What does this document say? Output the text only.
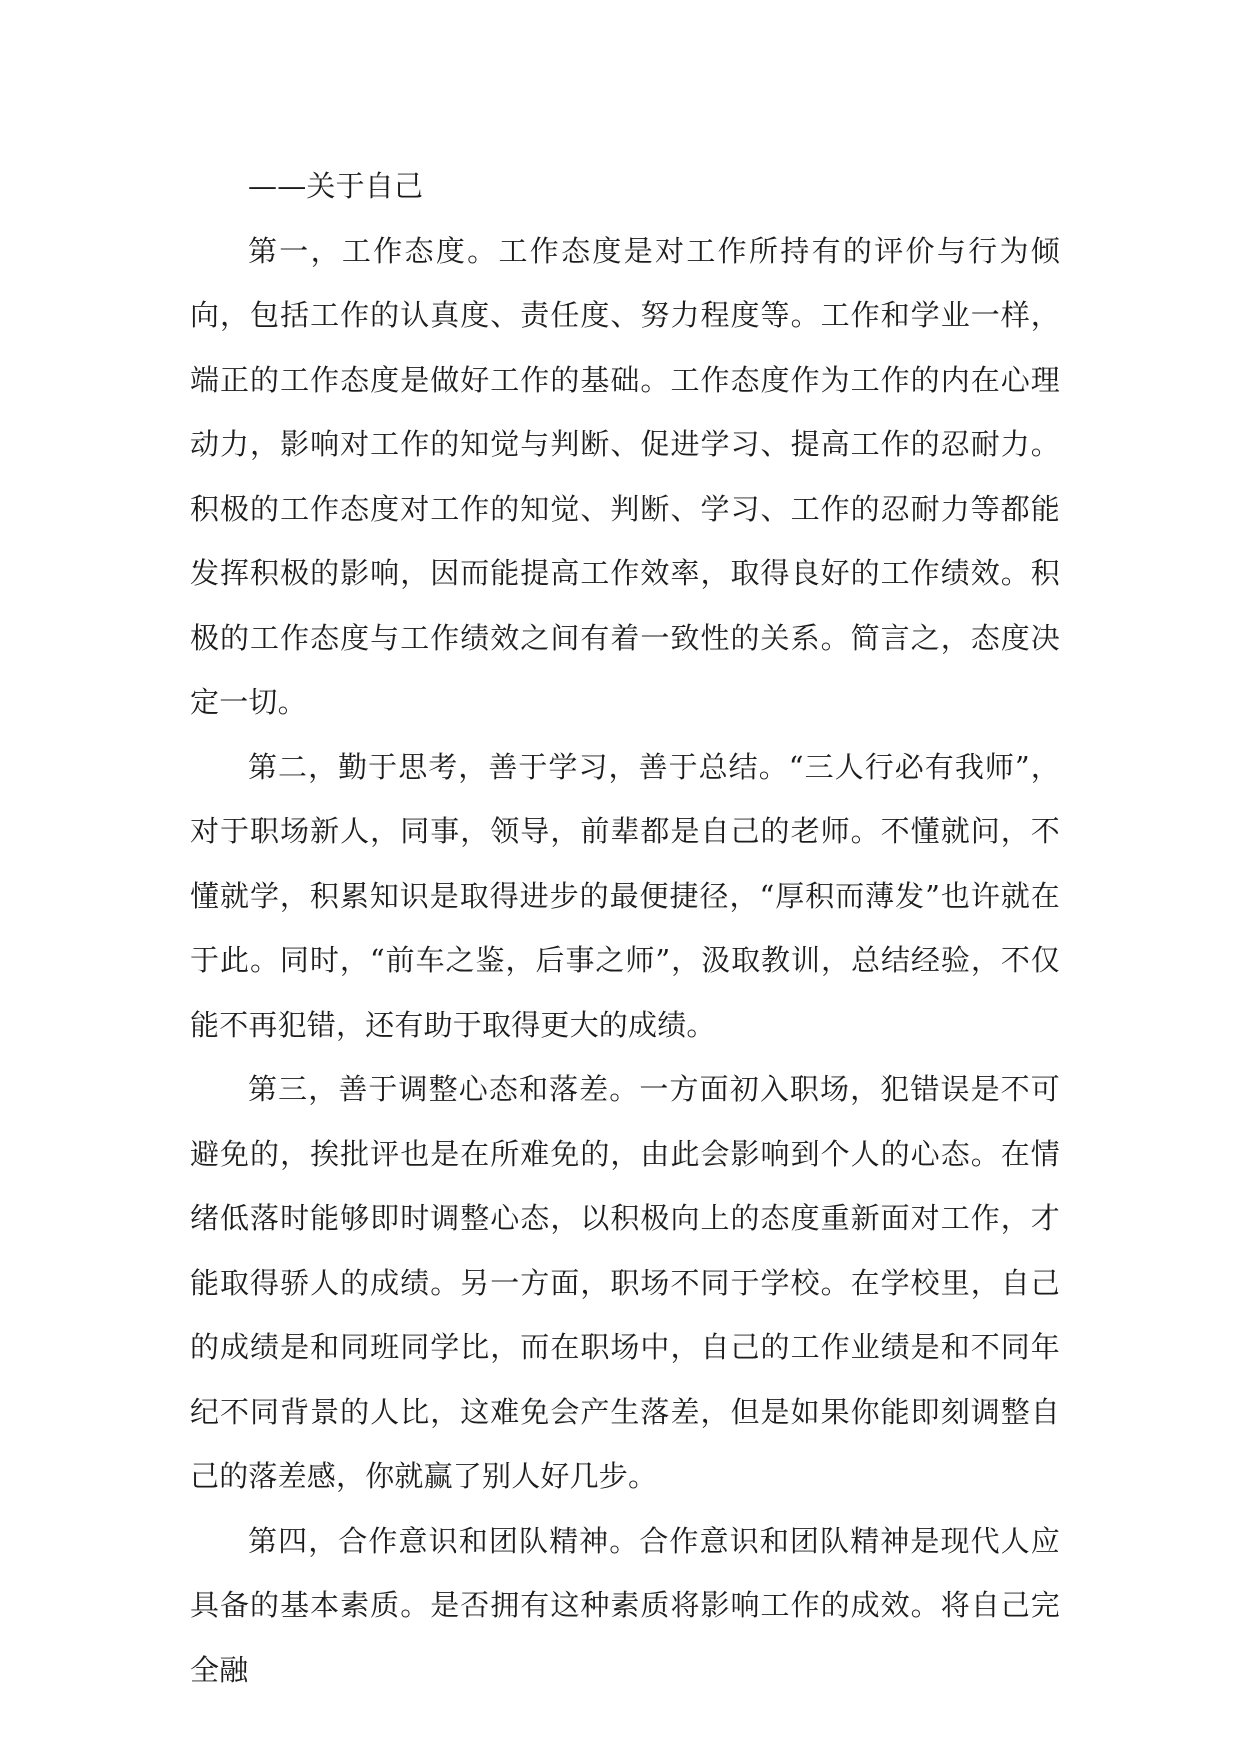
——关于自己

第一，工作态度。工作态度是对工作所持有的评价与行为倾向，包括工作的认真度、责任度、努力程度等。工作和学业一样，端正的工作态度是做好工作的基础。工作态度作为工作的内在心理动力，影响对工作的知觉与判断、促进学习、提高工作的忍耐力。积极的工作态度对工作的知觉、判断、学习、工作的忍耐力等都能发挥积极的影响，因而能提高工作效率，取得良好的工作绩效。积极的工作态度与工作绩效之间有着一致性的关系。简言之，态度决定一切。

第二，勤于思考，善于学习，善于总结。“三人行必有我师”，对于职场新人，同事，领导，前辈都是自己的老师。不懂就问，不懂就学，积累知识是取得进步的最便捷径，“厚积而薄发”也许就在于此。同时，“前车之鉴，后事之师”，汲取教训，总结经验，不仅能不再犯错，还有助于取得更大的成绩。

第三，善于调整心态和落差。一方面初入职场，犯错误是不可避免的，挨批评也是在所难免的，由此会影响到个人的心态。在情绪低落时能够即时调整心态，以积极向上的态度重新面对工作，才能取得骄人的成绩。另一方面，职场不同于学校。在学校里，自己的成绩是和同班同学比，而在职场中，自己的工作业绩是和不同年纪不同背景的人比，这难免会产生落差，但是如果你能即刻调整自己的落差感，你就赢了别人好几步。

第四，合作意识和团队精神。合作意识和团队精神是现代人应具备的基本素质。是否拥有这种素质将影响工作的成效。将自己完全融
